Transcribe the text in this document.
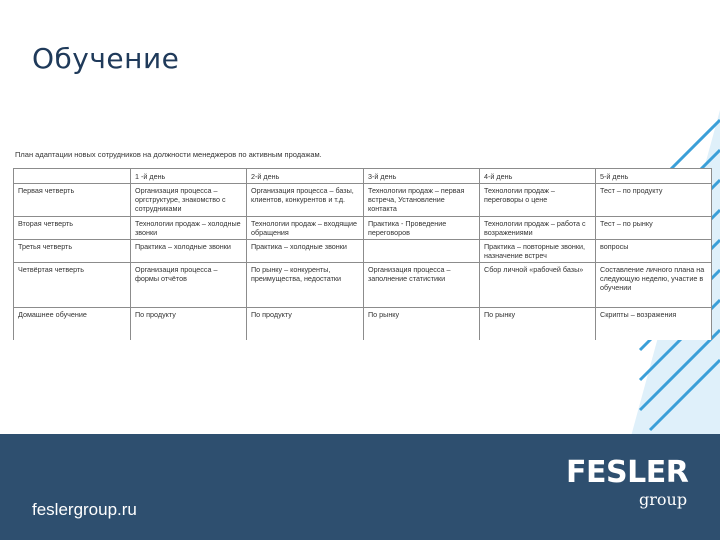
Обучение
План адаптации новых сотрудников на должности менеджеров по активным продажам.
	1 -й день	2-й день	3-й день	4-й день	5-й день
Первая четверть	Организация процесса – оргструктуре, знакомство с сотрудниками	Организация процесса – базы, клиентов, конкурентов и т.д.	Технологии продаж – первая встреча, Установление контакта	Технологии продаж – переговоры о цене	Тест – по продукту
Вторая четверть	Технологии продаж – холодные звонки	Технологии продаж – входящие обращения	Практика - Проведение переговоров	Технологии продаж – работа с возражениями	Тест – по рынку
Третья четверть	Практика – холодные звонки	Практика – холодные звонки		Практика – повторные звонки, назначение встреч	вопросы
Четвёртая четверть	Организация процесса – формы отчётов	По рынку – конкуренты, преимущества, недостатки	Организация процесса – заполнение статистики	Сбор личной «рабочей базы»	Составление личного плана на следующую неделю, участие в обучении
Домашнее обучение	По продукту	По продукту	По рынку	По рынку	Скрипты – возражения
feslergroup.ru
FESLER
group
